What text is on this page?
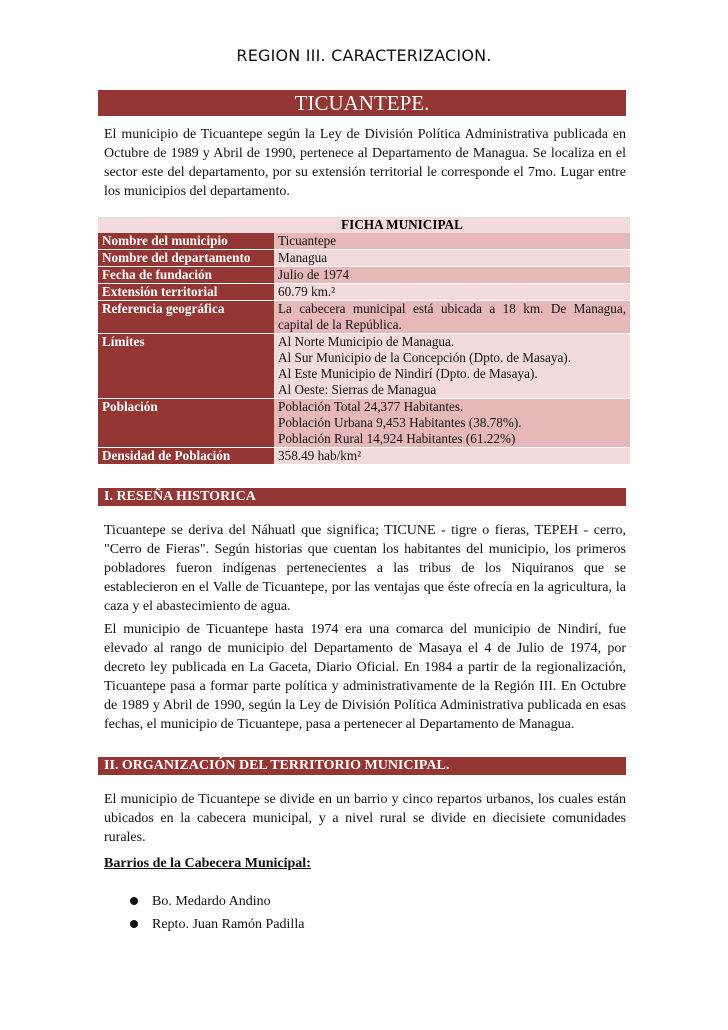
REGION III. CARACTERIZACION.
TICUANTEPE.
El municipio de Ticuantepe según la Ley de División Política Administrativa publicada en Octubre de 1989 y Abril de 1990, pertenece al Departamento de Managua. Se localiza en el sector este del departamento, por su extensión territorial le corresponde el 7mo. Lugar entre los municipios del departamento.
FICHA MUNICIPAL	
Nombre del municipio	Ticuantepe
Nombre del departamento	Managua
Fecha de fundación	Julio de 1974
Extensión territorial	60.79 km.²
Referencia geográfica	La cabecera municipal está ubicada a 18 km. De Managua, capital de la República.
Límites	Al Norte Municipio de Managua.
Al Sur Municipio de la Concepción (Dpto. de Masaya).
Al Este Municipio de Nindirí (Dpto. de Masaya).
Al Oeste: Sierras de Managua

Población	Población Total 24,377 Habitantes.
Población Urbana 9,453 Habitantes (38.78%).
Población Rural 14,924 Habitantes (61.22%)

Densidad de Población	358.49 hab/km²
I. RESEÑA HISTORICA
Ticuantepe se deriva del Náhuatl que significa; TICUNE - tigre o fieras, TEPEH - cerro, "Cerro de Fieras". Según historias que cuentan los habitantes del municipio, los primeros pobladores fueron indígenas pertenecientes a las tribus de los Niquiranos que se establecieron en el Valle de Ticuantepe, por las ventajas que éste ofrecía en la agricultura, la caza y el abastecimiento de agua.
El municipio de Ticuantepe hasta 1974 era una comarca del municipio de Nindirí, fue elevado al rango de municipio del Departamento de Masaya el 4 de Julio de 1974, por decreto ley publicada en La Gaceta, Diario Oficial. En 1984 a partir de la regionalización, Ticuantepe pasa a formar parte política y administrativamente de la Región III. En Octubre de 1989 y Abril de 1990, según la Ley de División Política Administrativa publicada en esas fechas, el municipio de Ticuantepe, pasa a pertenecer al Departamento de Managua.
II. ORGANIZACIÓN DEL TERRITORIO MUNICIPAL.
El municipio de Ticuantepe se divide en un barrio y cinco repartos urbanos, los cuales están ubicados en la cabecera municipal, y a nivel rural se divide en diecisiete comunidades rurales.
Barrios de la Cabecera Municipal:
Bo. Medardo Andino
Repto. Juan Ramón Padilla
